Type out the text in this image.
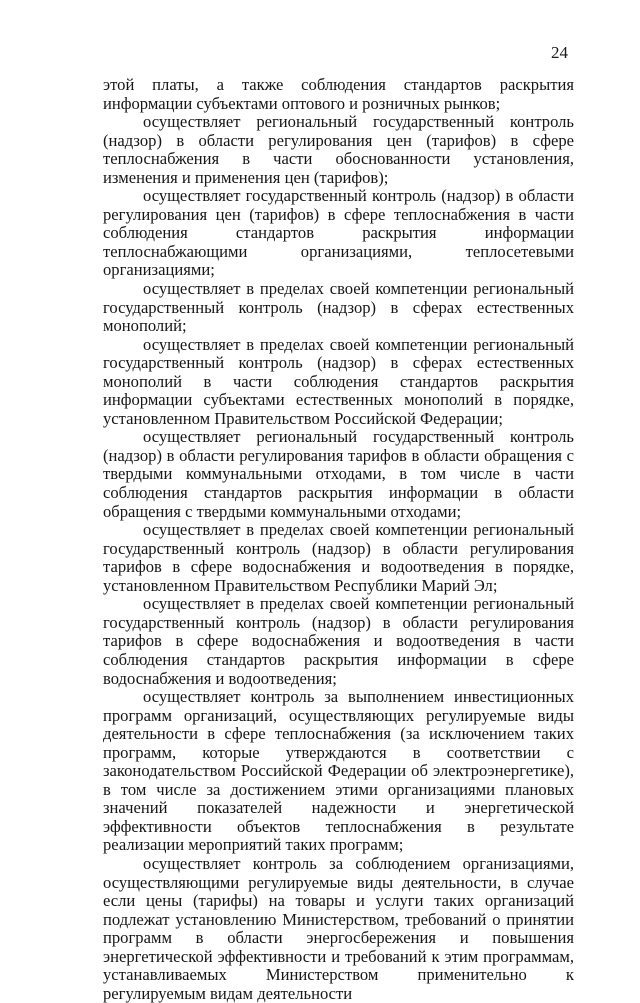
24

этой платы, а также соблюдения стандартов раскрытия информации субъектами оптового и розничных рынков;

осуществляет региональный государственный контроль (надзор) в области регулирования цен (тарифов) в сфере теплоснабжения в части обоснованности установления, изменения и применения цен (тарифов);

осуществляет государственный контроль (надзор) в области регулирования цен (тарифов) в сфере теплоснабжения в части соблюдения стандартов раскрытия информации теплоснабжающими организациями, теплосетевыми организациями;

осуществляет в пределах своей компетенции региональный государственный контроль (надзор) в сферах естественных монополий;

осуществляет в пределах своей компетенции региональный государственный контроль (надзор) в сферах естественных монополий в части соблюдения стандартов раскрытия информации субъектами естественных монополий в порядке, установленном Правительством Российской Федерации;

осуществляет региональный государственный контроль (надзор) в области регулирования тарифов в области обращения с твердыми коммунальными отходами, в том числе в части соблюдения стандартов раскрытия информации в области обращения с твердыми коммунальными отходами;

осуществляет в пределах своей компетенции региональный государственный контроль (надзор) в области регулирования тарифов в сфере водоснабжения и водоотведения в порядке, установленном Правительством Республики Марий Эл;

осуществляет в пределах своей компетенции региональный государственный контроль (надзор) в области регулирования тарифов в сфере водоснабжения и водоотведения в части соблюдения стандартов раскрытия информации в сфере водоснабжения и водоотведения;

осуществляет контроль за выполнением инвестиционных программ организаций, осуществляющих регулируемые виды деятельности в сфере теплоснабжения (за исключением таких программ, которые утверждаются в соответствии с законодательством Российской Федерации об электроэнергетике), в том числе за достижением этими организациями плановых значений показателей надежности и энергетической эффективности объектов теплоснабжения в результате реализации мероприятий таких программ;

осуществляет контроль за соблюдением организациями, осуществляющими регулируемые виды деятельности, в случае если цены (тарифы) на товары и услуги таких организаций подлежат установлению Министерством, требований о принятии программ в области энергосбережения и повышения энергетической эффективности и требований к этим программам, устанавливаемых Министерством применительно к регулируемым видам деятельности
